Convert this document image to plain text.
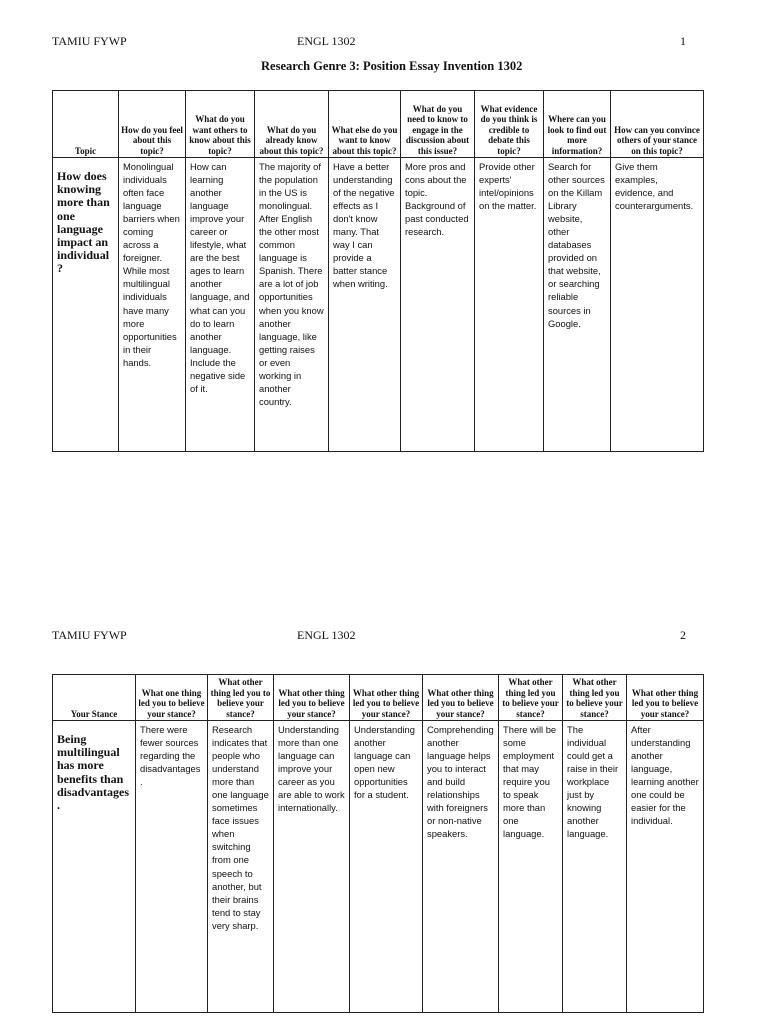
TAMIU FYWP	ENGL 1302	1
Research Genre 3: Position Essay Invention 1302
Topic	How do you feel about this topic?	What do you want others to know about this topic?	What do you already know about this topic?	What else do you want to know about this topic?	What do you need to know to engage in the discussion about this issue?	What evidence do you think is credible to debate this topic?	Where can you look to find out more information?	How can you convince others of your stance on this topic?
How does knowing more than one language impact an individual?	Monolingual individuals often face language barriers when coming across a foreigner. While most multilingual individuals have many more opportunities in their hands.	How can learning another language improve your career or lifestyle, what are the best ages to learn another language, and what can you do to learn another language. Include the negative side of it.	The majority of the population in the US is monolingual. After English the other most common language is Spanish. There are a lot of job opportunities when you know another language, like getting raises or even working in another country.	Have a better understanding of the negative effects as I don't know many. That way I can provide a batter stance when writing.	More pros and cons about the topic. Background of past conducted research.	Provide other experts' intel/opinions on the matter.	Search for other sources on the Killam Library website, other databases provided on that website, or searching reliable sources in Google.	Give them examples, evidence, and counterarguments.
TAMIU FYWP	ENGL 1302	2
Your Stance	What one thing led you to believe your stance?	What other thing led you to believe your stance?	What other thing led you to believe your stance?	What other thing led you to believe your stance?	What other thing led you to believe your stance?	What other thing led you to believe your stance?	What other thing led you to believe your stance?	What other thing led you to believe your stance?
Being multilingual has more benefits than disadvantages.	There were fewer sources regarding the disadvantages.	Research indicates that people who understand more than one language sometimes face issues when switching from one speech to another, but their brains tend to stay very sharp.	Understanding more than one language can improve your career as you are able to work internationally.	Understanding another language can open new opportunities for a student.	Comprehending another language helps you to interact and build relationships with foreigners or non-native speakers.	There will be some employment that may require you to speak more than one language.	The individual could get a raise in their workplace just by knowing another language.	After understanding another language, learning another one could be easier for the individual.
